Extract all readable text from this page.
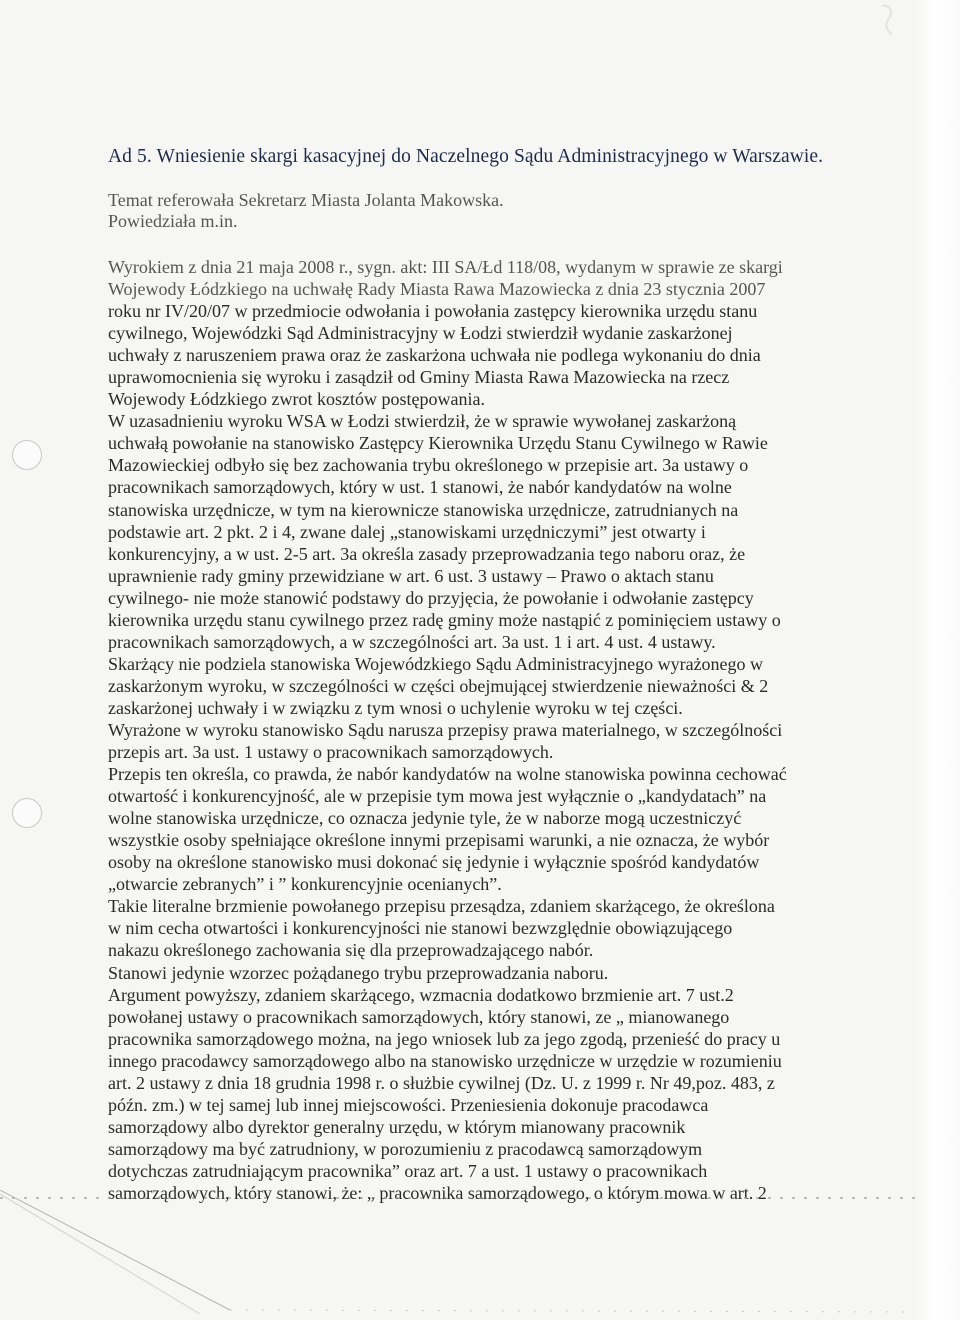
Ad 5. Wniesienie skargi kasacyjnej do Naczelnego Sądu Administracyjnego w Warszawie.
Temat referowała Sekretarz Miasta Jolanta Makowska.
Powiedziała m.in.
Wyrokiem z dnia 21 maja 2008 r., sygn. akt: III SA/Łd 118/08, wydanym w sprawie ze skargi
Wojewody Łódzkiego na uchwałę Rady Miasta Rawa Mazowiecka z dnia 23 stycznia 2007
roku nr IV/20/07 w przedmiocie odwołania i powołania zastępcy kierownika urzędu stanu
cywilnego, Wojewódzki Sąd Administracyjny w Łodzi stwierdził wydanie zaskarżonej
uchwały z naruszeniem prawa oraz że zaskarżona uchwała nie podlega wykonaniu do dnia
uprawomocnienia się wyroku i zasądził od Gminy Miasta Rawa Mazowiecka na rzecz
Wojewody Łódzkiego zwrot kosztów postępowania.
W uzasadnieniu wyroku WSA w Łodzi stwierdził, że w sprawie wywołanej zaskarżoną
uchwałą powołanie na stanowisko Zastępcy Kierownika Urzędu Stanu Cywilnego w Rawie
Mazowieckiej odbyło się bez zachowania trybu określonego w przepisie art. 3a ustawy o
pracownikach samorządowych, który w ust. 1 stanowi, że nabór kandydatów na wolne
stanowiska urzędnicze, w tym na kierownicze stanowiska urzędnicze, zatrudnianych na
podstawie art. 2 pkt. 2 i 4, zwane dalej „stanowiskami urzędniczymi” jest otwarty i
konkurencyjny, a w ust. 2-5 art. 3a określa zasady przeprowadzania tego naboru oraz, że
uprawnienie rady gminy przewidziane w art. 6 ust. 3 ustawy – Prawo o aktach stanu
cywilnego- nie może stanowić podstawy do przyjęcia, że powołanie i odwołanie zastępcy
kierownika urzędu stanu cywilnego przez radę gminy może nastąpić z pominięciem ustawy o
pracownikach samorządowych, a w szczególności art. 3a ust. 1 i art. 4 ust. 4 ustawy.
Skarżący nie podziela stanowiska Wojewódzkiego Sądu Administracyjnego wyrażonego w
zaskarżonym wyroku, w szczególności w części obejmującej stwierdzenie nieważności & 2
zaskarżonej uchwały i w związku z tym wnosi o uchylenie wyroku w tej części.
Wyrażone w wyroku stanowisko Sądu narusza przepisy prawa materialnego, w szczególności
przepis art. 3a ust. 1 ustawy o pracownikach samorządowych.
Przepis ten określa, co prawda, że nabór kandydatów na wolne stanowiska powinna cechować
otwartość i konkurencyjność, ale w przepisie tym mowa jest wyłącznie o „kandydatach” na
wolne stanowiska urzędnicze, co oznacza jedynie tyle, że w naborze mogą uczestniczyć
wszystkie osoby spełniające określone innymi przepisami warunki, a nie oznacza, że wybór
osoby na określone stanowisko musi dokonać się jedynie i wyłącznie spośród kandydatów
„otwarcie zebranych” i ” konkurencyjnie ocenianych”.
Takie literalne brzmienie powołanego przepisu przesądza, zdaniem skarżącego, że określona
w nim cecha otwartości i konkurencyjności nie stanowi bezwzględnie obowiązującego
nakazu określonego zachowania się dla przeprowadzającego nabór.
Stanowi jedynie wzorzec pożądanego trybu przeprowadzania naboru.
Argument powyższy, zdaniem skarżącego, wzmacnia dodatkowo brzmienie art. 7 ust.2
powołanej ustawy o pracownikach samorządowych, który stanowi, ze „ mianowanego
pracownika samorządowego można, na jego wniosek lub za jego zgodą, przenieść do pracy u
innego pracodawcy samorządowego albo na stanowisko urzędnicze w urzędzie w rozumieniu
art. 2 ustawy z dnia 18 grudnia 1998 r. o służbie cywilnej (Dz. U. z 1999 r. Nr 49,poz. 483, z
późn. zm.) w tej samej lub innej miejscowości. Przeniesienia dokonuje pracodawca
samorządowy albo dyrektor generalny urzędu, w którym mianowany pracownik
samorządowy ma być zatrudniony, w porozumieniu z pracodawcą samorządowym
dotychczas zatrudniającym pracownika” oraz art. 7 a ust. 1 ustawy o pracownikach
samorządowych, który stanowi, że: „ pracownika samorządowego, o którym mowa w art. 2
